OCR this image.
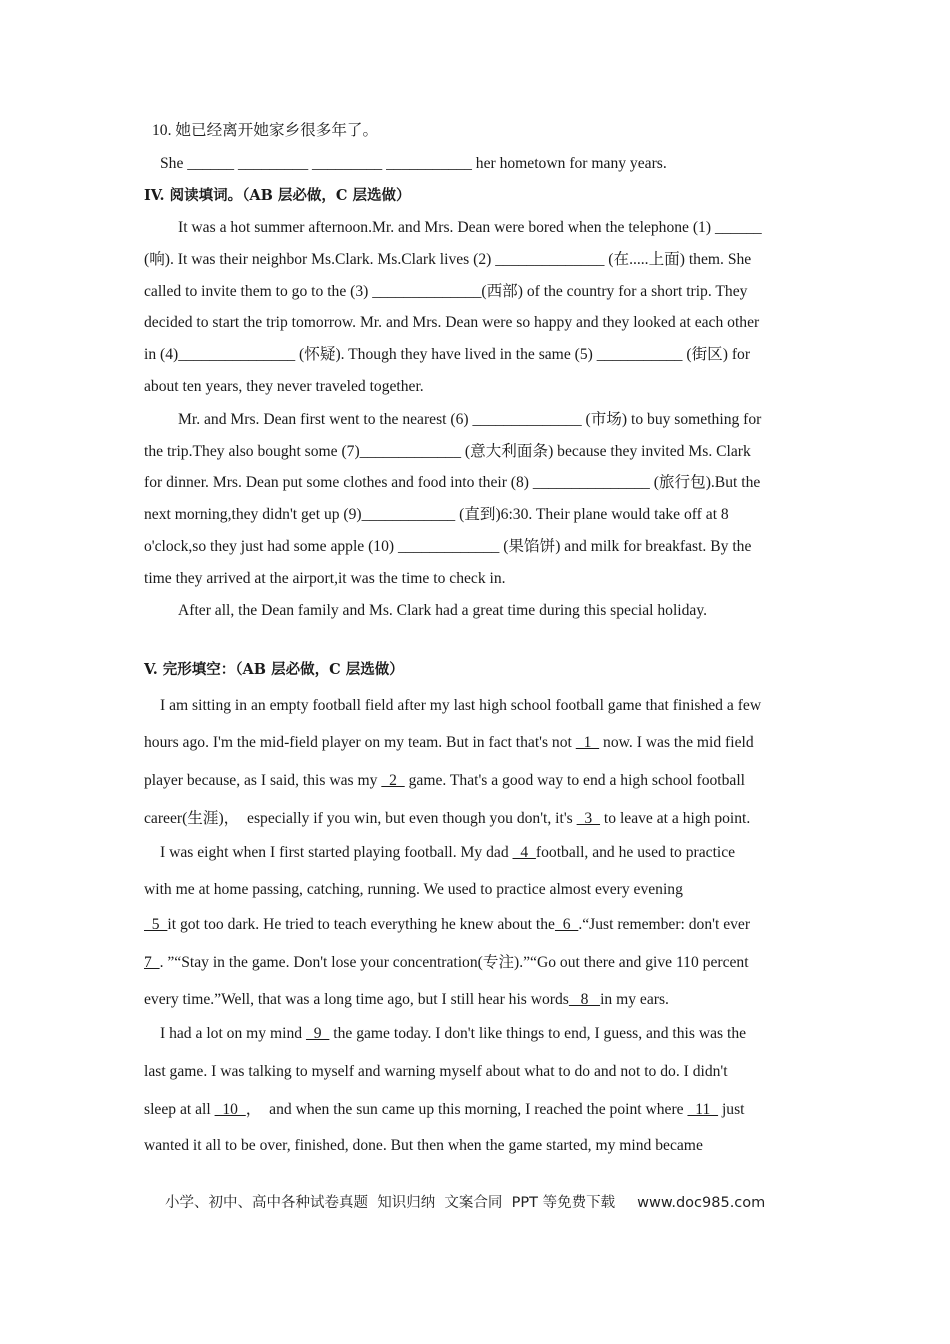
10. 她已经离开她家乡很多年了。
She ______ _________ _________ ___________ her hometown for many years.
IV. 阅读填词。（AB 层必做，C 层选做）
It was a hot summer afternoon.Mr. and Mrs. Dean were bored when the telephone (1) ______
(响). It was their neighbor Ms.Clark. Ms.Clark lives (2) ______________ (在.....上面) them. She
called to invite them to go to the (3) ______________(西部) of the country for a short trip. They
decided to start the trip tomorrow. Mr. and Mrs. Dean were so happy and they looked at each other
in (4)_______________ (怀疑). Though they have lived in the same (5) ___________ (街区) for
about ten years, they never traveled together.
Mr. and Mrs. Dean first went to the nearest (6) ______________ (市场) to buy something for
the trip.They also bought some (7)_____________ (意大利面条) because they invited Ms. Clark
for dinner. Mrs. Dean put some clothes and food into their (8) _______________ (旅行包).But the
next morning,they didn't get up (9)____________ (直到)6:30. Their plane would take off at 8
o'clock,so they just had some apple (10) _____________ (果馅饼) and milk for breakfast. By the
time they arrived at the airport,it was the time to check in.
After all, the Dean family and Ms. Clark had a great time during this special holiday.
V. 完形填空：（AB 层必做，C 层选做）
I am sitting in an empty football field after my last high school football game that finished a few
hours ago. I'm the mid-field player on my team. But in fact that's not   1   now. I was the mid field
player because, as I said, this was my   2   game. That's a good way to end a high school football
career(生涯)，  especially if you win, but even though you don't, it's   3   to leave at a high point.
I was eight when I first started playing football. My dad   4  football, and he used to practice
with me at home passing, catching, running. We used to practice almost every evening
5  it got too dark. He tried to teach everything he knew about the  6  .“Just remember: don't ever
7  . ”“Stay in the game. Don't lose your concentration(专注).”“Go out there and give 110 percent
every time.”Well, that was a long time ago, but I still hear his words   8   in my ears.
I had a lot on my mind   9   the game today. I don't like things to end, I guess, and this was the
last game. I was talking to myself and warning myself about what to do and not to do. I didn't
sleep at all   10  ，  and when the sun came up this morning, I reached the point where   11   just
wanted it all to be over, finished, done. But then when the game started, my mind became
小学、初中、高中各种试卷真题  知识归纳  文案合同  PPT 等免费下载 www.doc985.com
